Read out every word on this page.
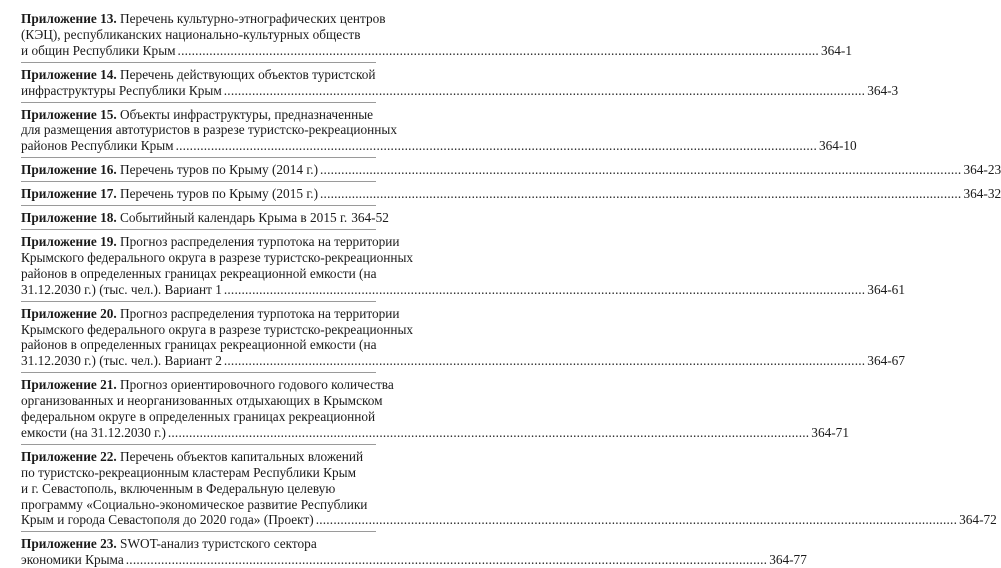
Приложение 13. Перечень культурно-этнографических центров
(КЭЦ), республиканских национально-культурных обществ
и общин Республики Крым .....	364-1
Приложение 14. Перечень действующих объектов туристской
инфраструктуры Республики Крым .....	364-3
Приложение 15. Объекты инфраструктуры, предназначенные
для размещения автотуристов в разрезе туристско-рекреационных
районов Республики Крым .....	364-10
Приложение 16. Перечень туров по Крыму (2014 г.) .....	364-23
Приложение 17. Перечень туров по Крыму (2015 г.) .....	364-32
Приложение 18. Событийный календарь Крыма в 2015 г. 364-52
Приложение 19. Прогноз распределения турпотока на территории
Крымского федерального округа в разрезе туристско-рекреационных
районов в определенных границах рекреационной емкости (на
31.12.2030 г.) (тыс. чел.). Вариант 1 .....	364-61
Приложение 20. Прогноз распределения турпотока на территории
Крымского федерального округа в разрезе туристско-рекреационных
районов в определенных границах рекреационной емкости (на
31.12.2030 г.) (тыс. чел.). Вариант 2 .....	364-67
Приложение 21. Прогноз ориентировочного годового количества
организованных и неорганизованных отдыхающих в Крымском
федеральном округе в определенных границах рекреационной
емкости (на 31.12.2030 г.) .....	364-71
Приложение 22. Перечень объектов капитальных вложений
по туристско-рекреационным кластерам Республики Крым
и г. Севастополь, включенным в Федеральную целевую
программу «Социально-экономическое развитие Республики
Крым и города Севастополя до 2020 года» (Проект) .....	364-72
Приложение 23. SWOT-анализ туристского сектора
экономики Крыма .....	364-77
